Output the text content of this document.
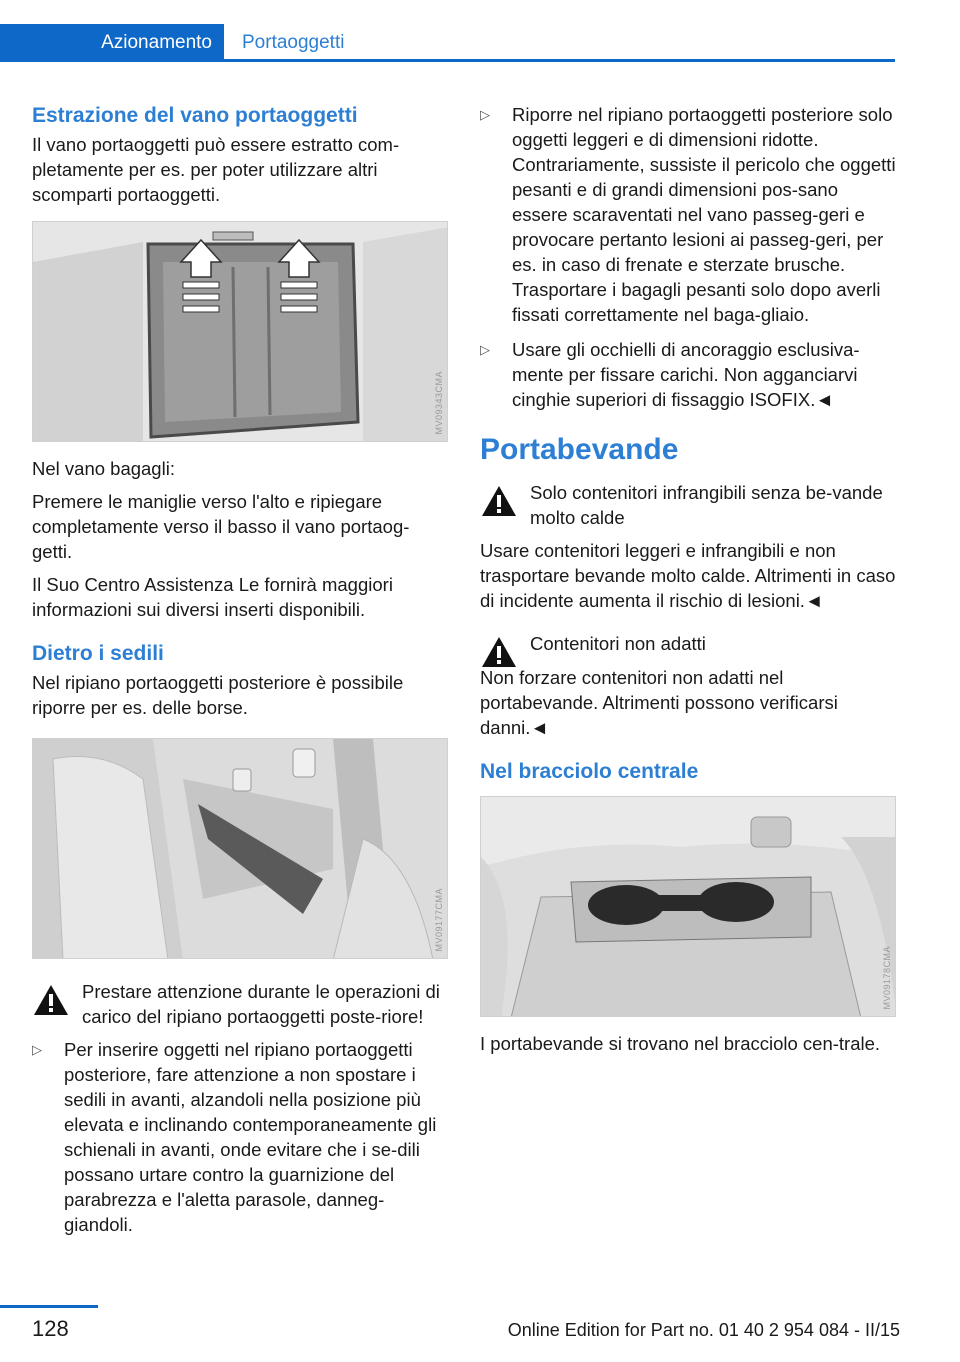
Azionamento	Portaoggetti
Estrazione del vano portaoggetti

Il vano portaoggetti può essere estratto com-pletamente per es. per poter utilizzare altri scomparti portaoggetti.

MV09343CMA

Nel vano bagagli:

Premere le maniglie verso l'alto e ripiegare completamente verso il basso il vano portaog-getti.

Il Suo Centro Assistenza Le fornirà maggiori informazioni sui diversi inserti disponibili.

Dietro i sedili

Nel ripiano portaoggetti posteriore è possibile riporre per es. delle borse.

MV09177CMA

Prestare attenzione durante le operazioni di carico del ripiano portaoggetti poste-riore!

▷ Per inserire oggetti nel ripiano portaoggetti posteriore, fare attenzione a non spostare i sedili in avanti, alzandoli nella posizione più elevata e inclinando contemporaneamente gli schienali in avanti, onde evitare che i se-dili possano urtare contro la guarnizione del parabrezza e l'aletta parasole, danneg-giandoli.
▷ Riporre nel ripiano portaoggetti posteriore solo oggetti leggeri e di dimensioni ridotte. Contrariamente, sussiste il pericolo che oggetti pesanti e di grandi dimensioni pos-sano essere scaraventati nel vano passeg-geri e provocare pertanto lesioni ai passeg-geri, per es. in caso di frenate e sterzate brusche. Trasportare i bagagli pesanti solo dopo averli fissati correttamente nel baga-gliaio.
▷ Usare gli occhielli di ancoraggio esclusiva-mente per fissare carichi. Non agganciarvi cinghie superiori di fissaggio ISOFIX.◄
Portabevande

Solo contenitori infrangibili senza be-vande molto calde

Usare contenitori leggeri e infrangibili e non trasportare bevande molto calde. Altrimenti in caso di incidente aumenta il rischio di lesioni.◄

Contenitori non adatti

Non forzare contenitori non adatti nel portabevande. Altrimenti possono verificarsi danni.◄

Nel bracciolo centrale
MV09178CMA

I portabevande si trovano nel bracciolo cen-trale.

128	Online Edition for Part no. 01 40 2 954 084 - II/15
